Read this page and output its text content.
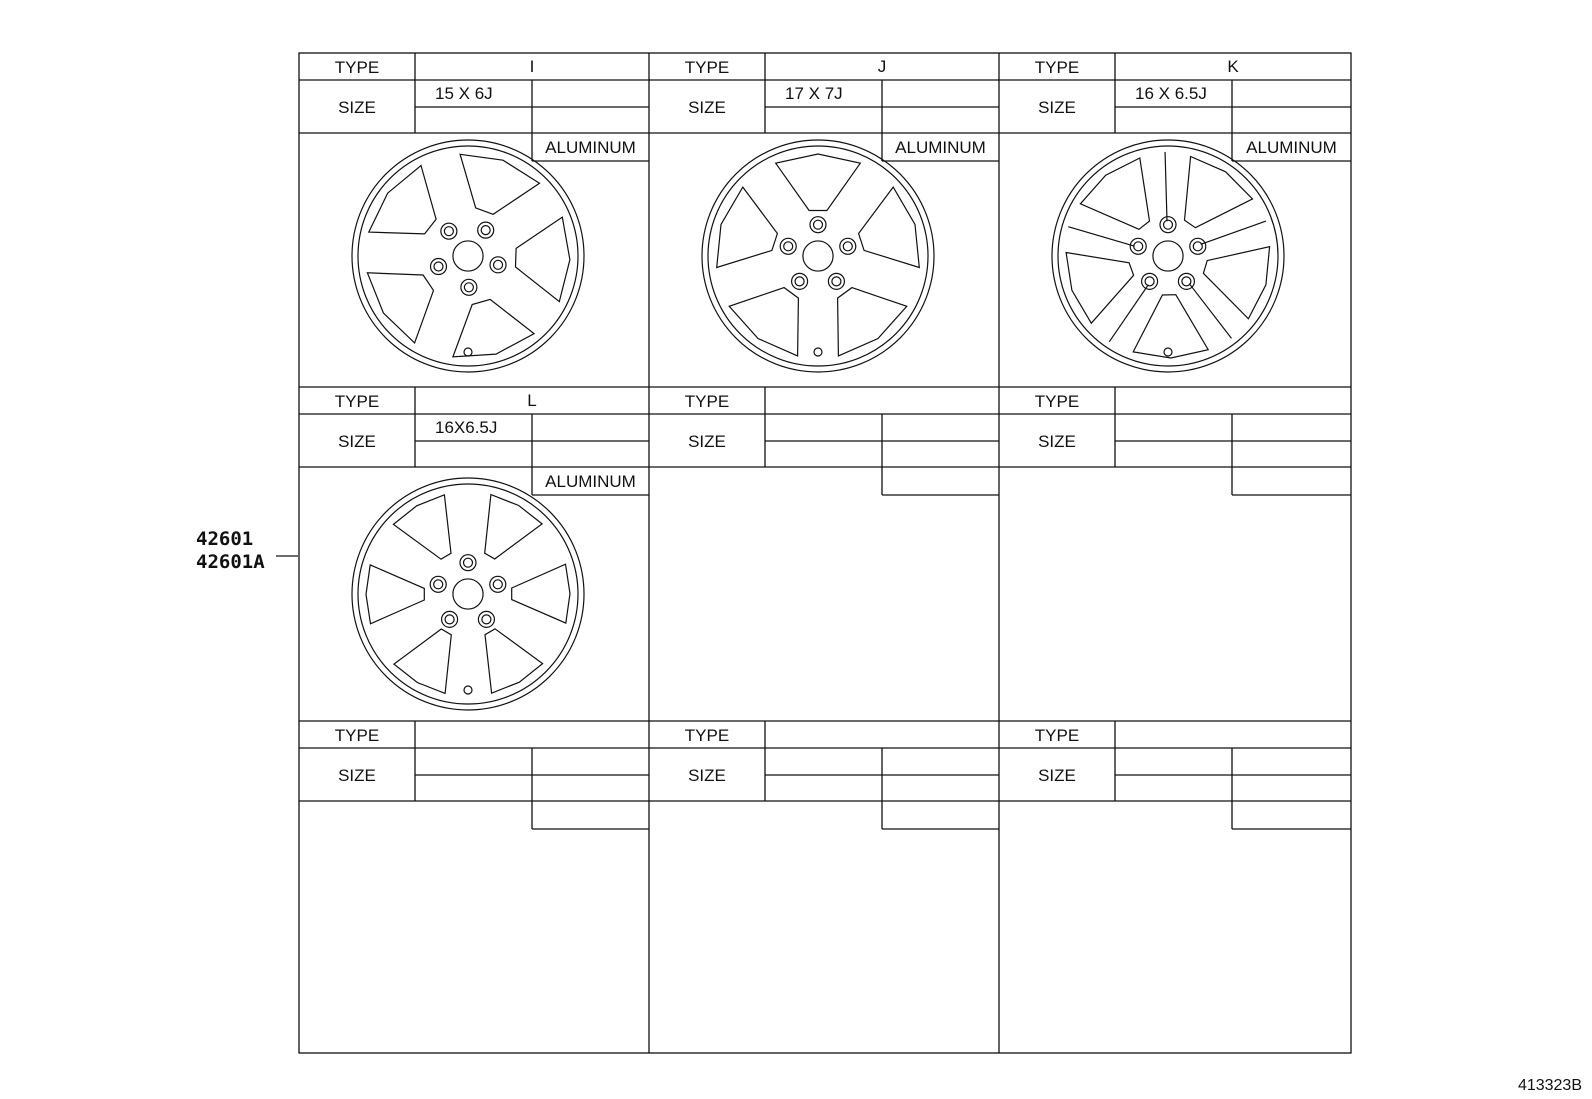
TYPE
SIZE
I
15 X 6J
ALUMINUM
TYPE
SIZE
J
17 X 7J
ALUMINUM
TYPE
SIZE
K
16 X 6.5J
ALUMINUM
TYPE
SIZE
L
16X6.5J
ALUMINUM
TYPE
SIZE
TYPE
SIZE
TYPE
SIZE
TYPE
SIZE
TYPE
SIZE
42601
42601A
413323B
